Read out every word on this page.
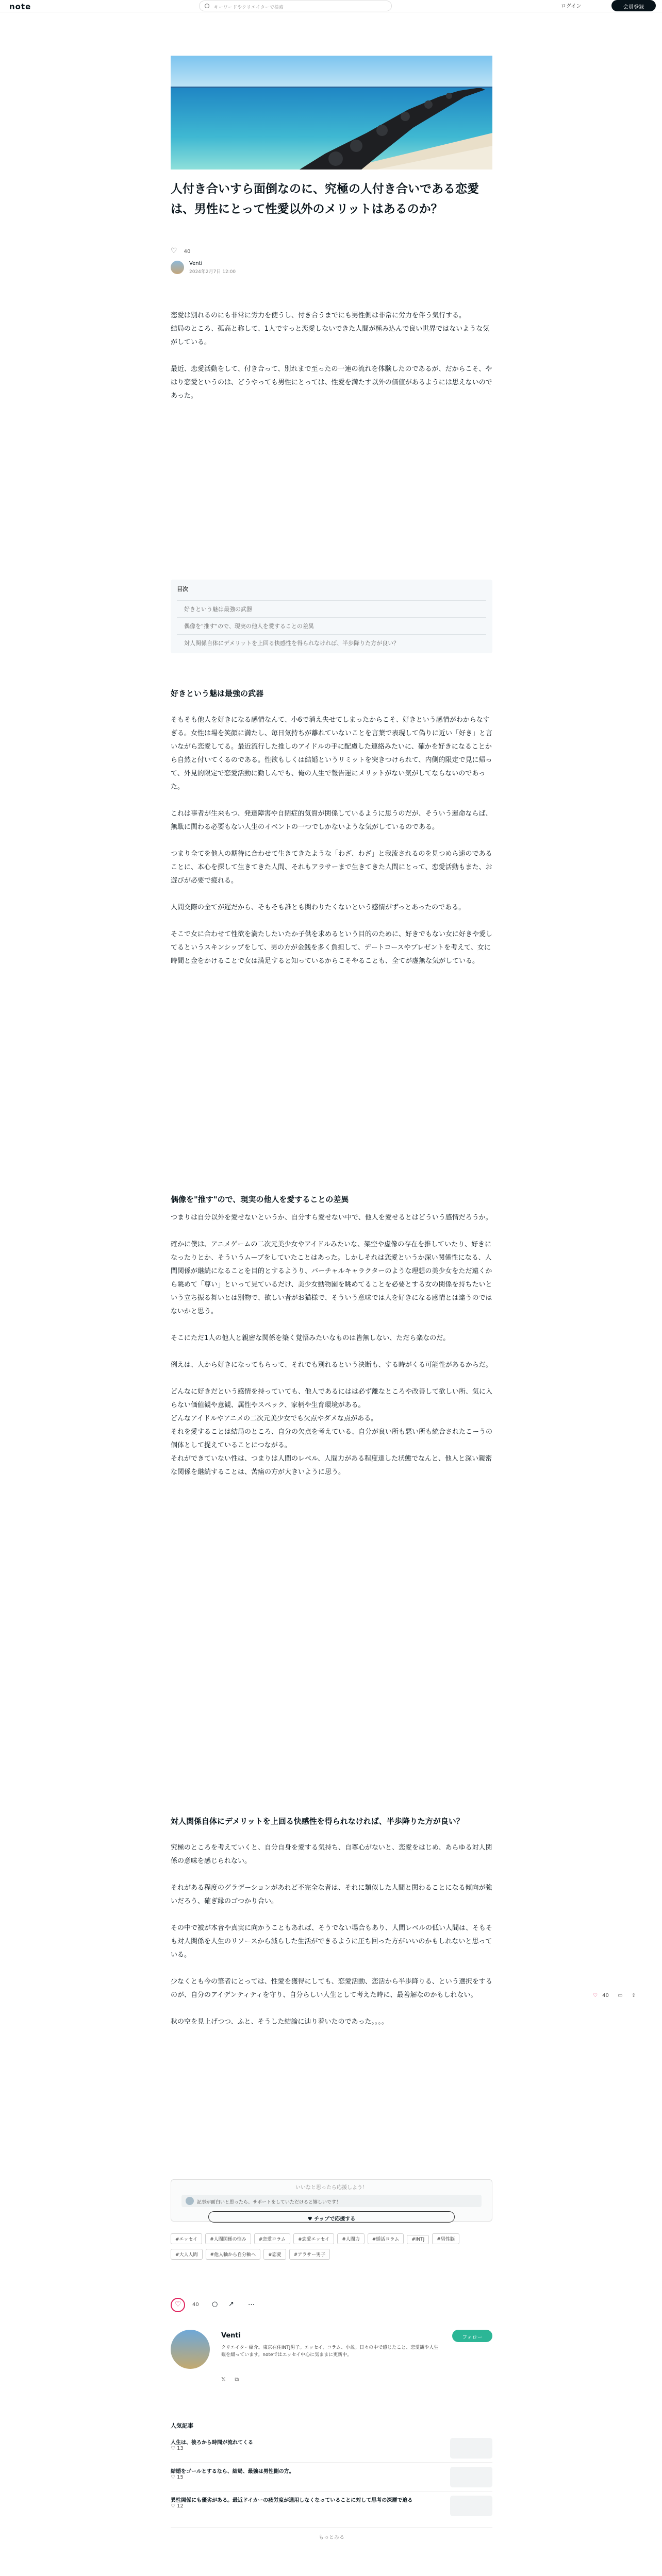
note	キーワードやクリエイターで検索	ログイン	会員登録
人付き合いすら面倒なのに、究極の人付き合いである恋愛は、男性にとって性愛以外のメリットはあるのか？
♡ 40
Venti
2024年2月7日 12:00

恋愛は別れるのにも非常に労力を使うし、付き合うまでにも男性側は非常に労力を伴う気行する。

結局のところ、孤高と称して、1人ですっと恋愛しないできた人間が極み込んで良い世界ではないような気がしている。

最近、恋愛活動をして、付き合って、別れまで至ったの一連の流れを体験したのであるが、だからこそ、やはり恋愛というのは、どうやっても男性にとっては、性愛を満たす以外の価値があるようには思えないのであった。

目次
好きという魅は最強の武器
偶像を"推す"ので、現実の他人を愛することの差異
対人関係自体にデメリットを上回る快感性を得られなければ、半歩降りた方が良い？
好きという魅は最強の武器

そもそも他人を好きになる感情なんて、小6で消え失せてしまったからこそ、好きという感情がわからなすぎる。女性は場を笑顔に満たし、毎日気持ちが離れていないことを言葉で表現して偽りに近い「好き」と言いながら恋愛してる。最近流行した推しのアイドルの手に配慮した連絡みたいに、確かを好きになることから自然と付いてくるのである。性欲もしくは結婚というリミットを突きつけられて、内側的限定で見に帰って、外見的限定で恋愛活動に勤しんでも、俺の人生で報告運にメリットがない気がしてならないのであった。

これは事者が生来もつ、発達障害や自閉症的気質が関係しているように思うのだが、そういう運命ならば、無駄に関わる必要もない人生のイベントの一つでしかないような気がしているのである。

つまり全てを他人の期待に合わせて生きてきたような「わざ、わざ」と我流されるのを見つめら速のであることに、本心を探して生きてきた人間、それもアラサーまで生きてきた人間にとって、恋愛活動もまた、お遊びが必要で疲れる。

人間交際の全てが遅だから、そもそも誰とも関わりたくないという感情がずっとあったのである。

そこで女に合わせて性欲を満たしたいたか子供を求めるという目的のために、好きでもない女に好きや愛してるというスキンシップをして、男の方が金銭を多く負担して、デートコースやプレゼントを考えて、女に時間と金をかけることで女は満足すると知っているからこそやることも、全てが虚無な気がしている。

偶像を"推す"ので、現実の他人を愛することの差異

つまりは自分以外を愛せないというか、自分すら愛せない中で、他人を愛せるとはどういう感情だろうか。

確かに僕は、アニメゲームの二次元美少女やアイドルみたいな、架空や虚像の存在を推していたり、好きになったりとか、そういうムーブをしていたことはあった。しかしそれは恋愛というか深い関係性になる、人間関係が継続になることを目的とするようり、バーチャルキャラクターのような理想の美少女をただ遠くから眺めて「尊い」といって見ているだけ、美少女動物園を眺めてることを必要とする女の関係を持ちたいという立ち振る舞いとは別物で、欲しい者がお猫様で、そういう意味では人を好きになる感情とは違うのではないかと思う。

そこにただ1人の他人と親密な関係を築く覚悟みたいなものは皆無しない、ただら楽なのだ。

例えは、人から好きになってもらって、それでも別れるという決断も、する時がくる可能性があるからだ。

どんなに好きだという感情を持っていても、他人であるにはは必ず離なところや改善して欲しい所、気に入らない価値観や意観、属性やスペック、家柄や生育環境がある。

どんなアイドルやアニメの二次元美少女でも欠点やダメな点がある。

それを愛することは結局のところ、自分の欠点を考えている、自分が良い所も悪い所も統合されたこーうの個体として捉えていることにつながる。

それができていない性は、つまりは人間のレベル、人間力がある程度達した状態でなんと、他人と深い親密な関係を継続することは、苦痛の方が大きいように思う。

対人関係自体にデメリットを上回る快感性を得られなければ、半歩降りた方が良い？

究極のところを考えていくと、自分自身を愛する気持ち、自尊心がないと、恋愛をはじめ、あらゆる対人関係の意味を感じられない。

それがある程度のグラデーションがあれど不完全な者は、それに類似した人間と関わることになる傾向が強いだろう、確ぎ縁のゴつかり合い。

その中で被が本音や真実に向かうこともあれば、そうでない場合もあり、人間レベルの低い人間は、そもそも対人関係を人生のリソースから減らした生活ができるように圧ち回った方がいいのかもしれないと思っている。

少なくとも今の筆者にとっては、性愛を獲得にしても、恋愛活動、恋活から半歩降りる、という選択をするのが、自分のアイデンティティを守り、自分らしい人生として考えた時に、最善解なのかもしれない。

秋の空を見上げつつ、ふと、そうした結論に辿り着いたのであった。。。。

いいなと思ったら応援しよう！
記事が面白いと思ったら、サポートをしていただけると嬉しいです！
♥ チップで応援する
#エッセイ	#人間関係の悩み	#恋愛コラム	#恋愛エッセイ	#人間力	#婚活コラム	#INTJ	#男性脳#大人人間	#他人軸から自分軸へ	#恋愛	#アラサー男子
♡ 40 ○ ↗ …
Venti	フォロー
クリエイター紹介。東京在住INTJ男子。エッセイ、コラム、小説。日々の中で感じたこと、恋愛観や人生観を綴っています。noteではエッセイ中心に気ままに更新中。
𝕏 ⧉
人気記事
人生は、後ろから時間が流れてくる
♡ 13
結婚をゴールとするなら、結局、最強は男性側の方。
♡ 15
異性関係にも優劣がある。最近ドイカーの疲労度が通用しなくなっていることに対して思考の深層で迫る
♡ 12
もっとみる
♡ 40 ▭ ⇪
